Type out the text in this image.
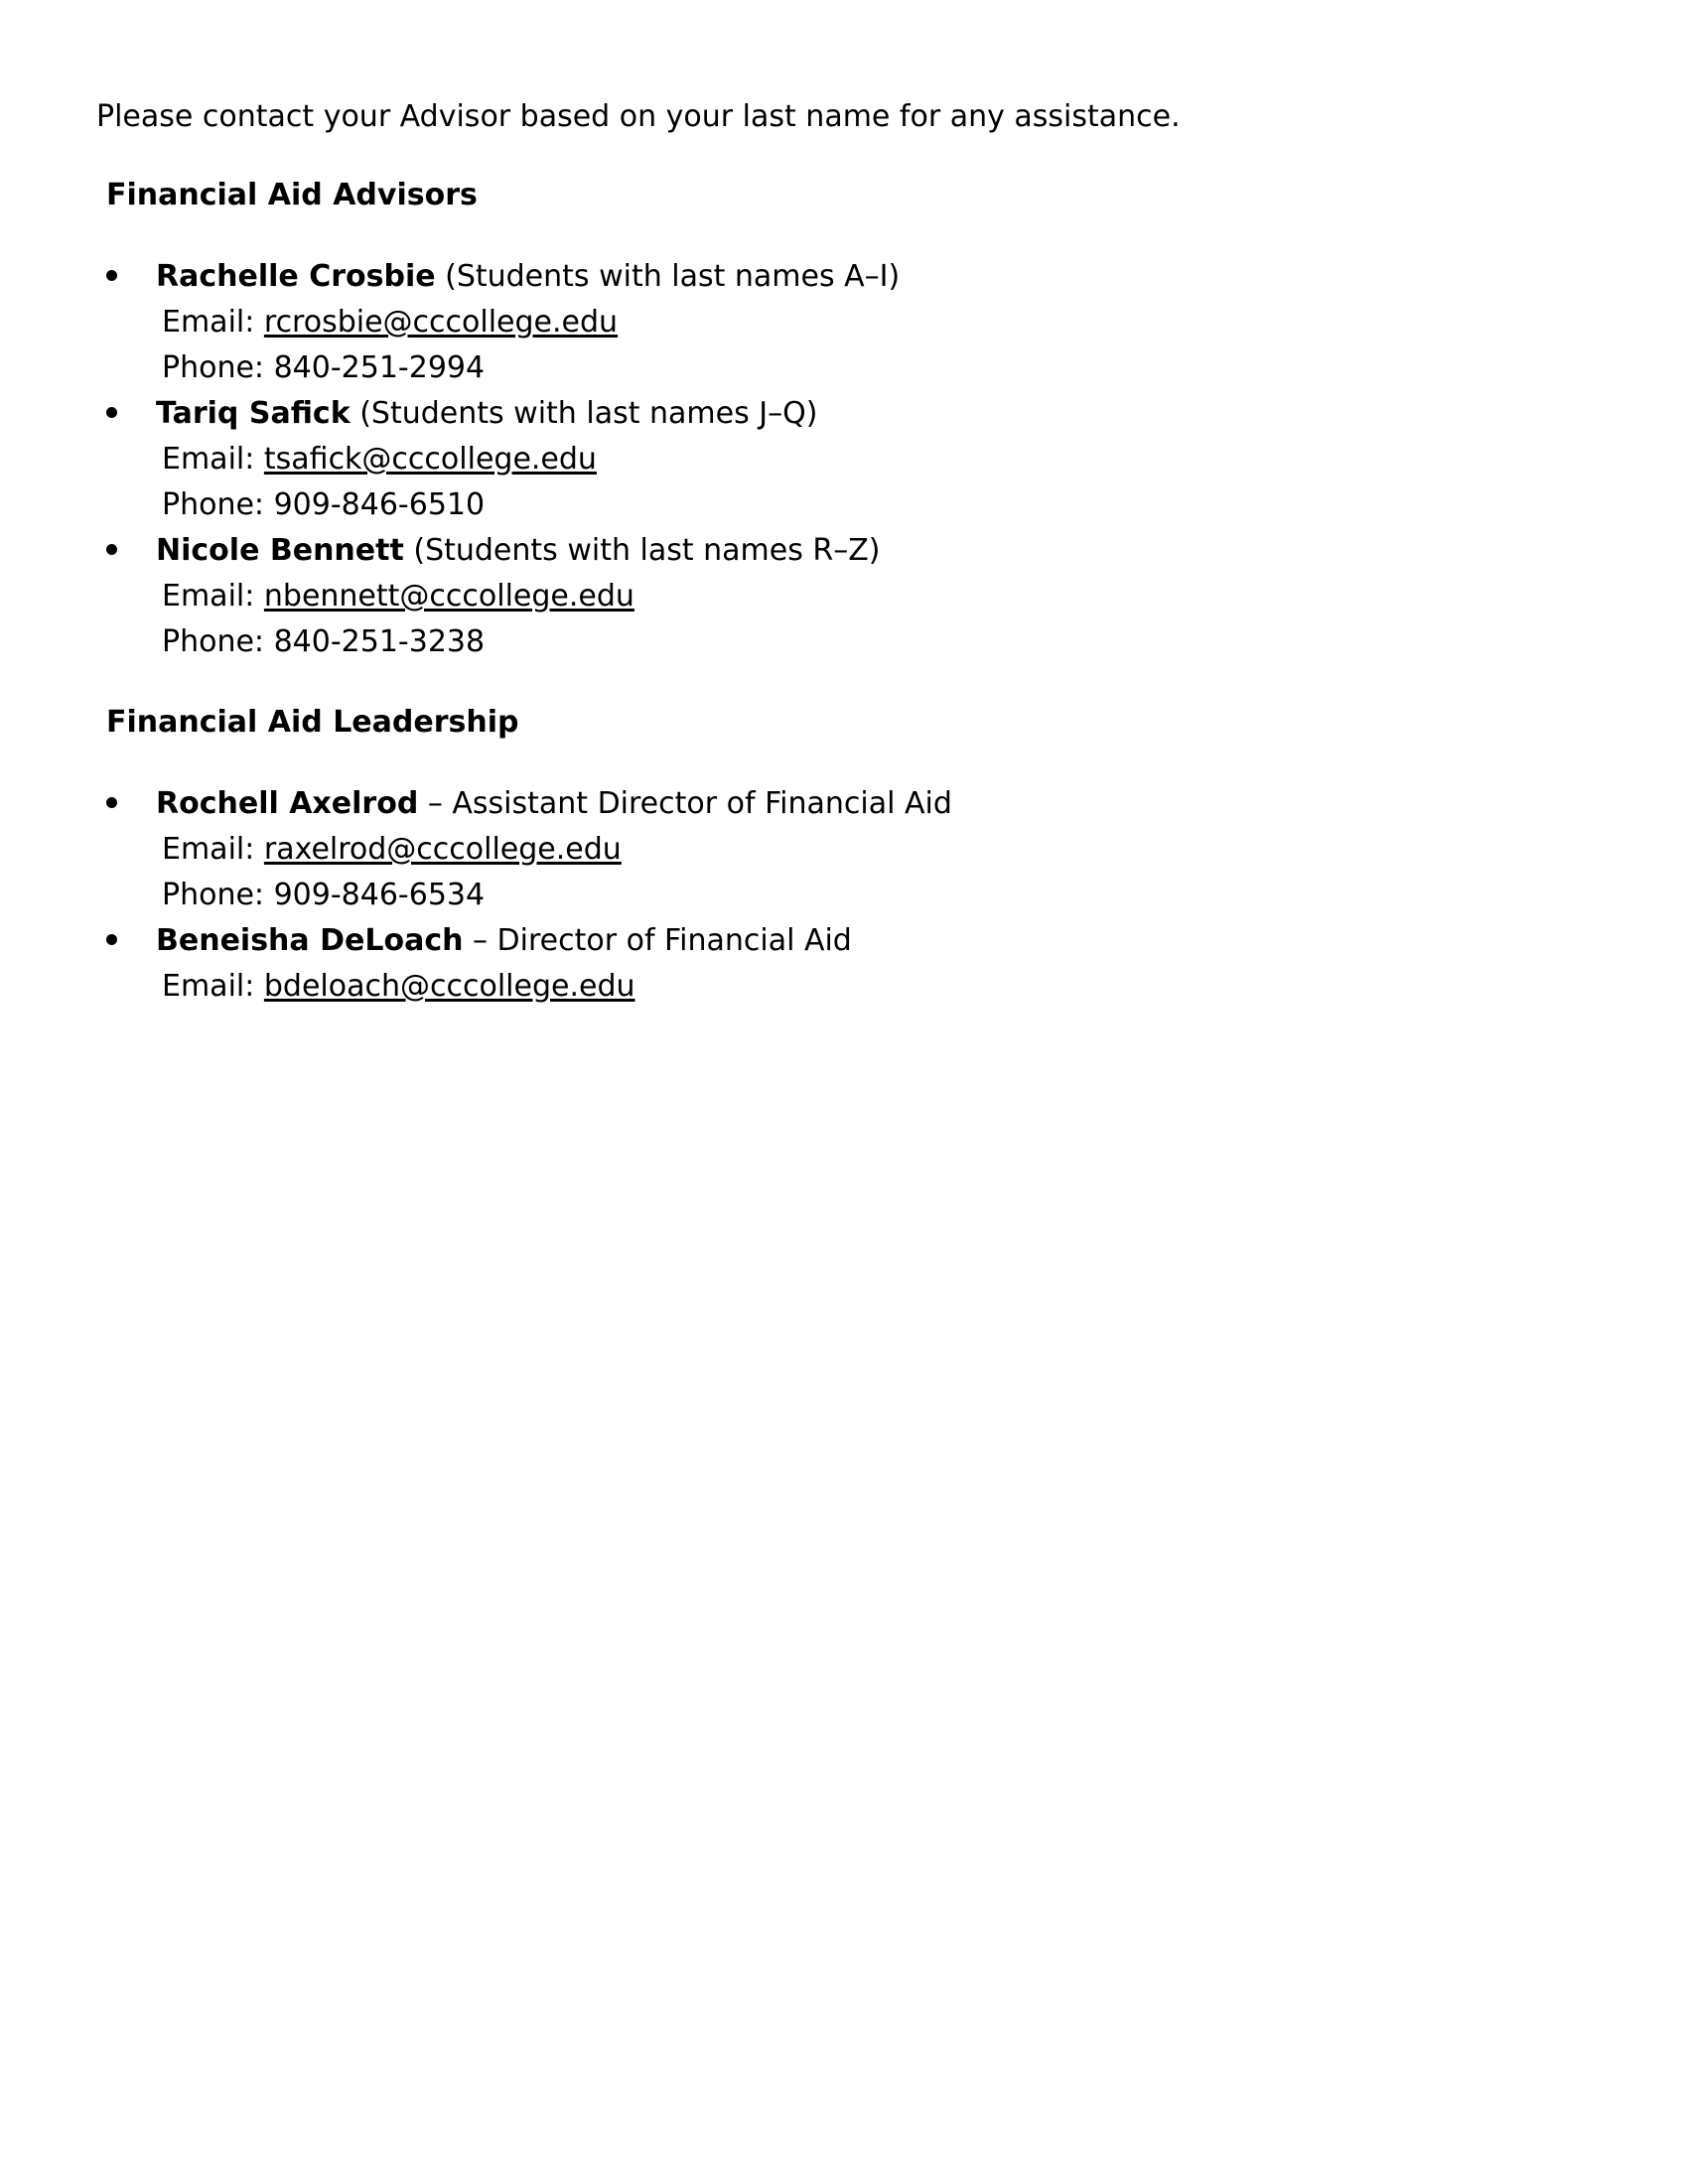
Please contact your Advisor based on your last name for any assistance.

Financial Aid Advisors
Rachelle Crosbie (Students with last names A–I)
Email: rcrosbie@cccollege.edu
Phone: 840-251-2994
Tariq Safick (Students with last names J–Q)
Email: tsafick@cccollege.edu
Phone: 909-846-6510
Nicole Bennett (Students with last names R–Z)
Email: nbennett@cccollege.edu
Phone: 840-251-3238
Financial Aid Leadership
Rochell Axelrod – Assistant Director of Financial Aid
Email: raxelrod@cccollege.edu
Phone: 909-846-6534
Beneisha DeLoach – Director of Financial Aid
Email: bdeloach@cccollege.edu
